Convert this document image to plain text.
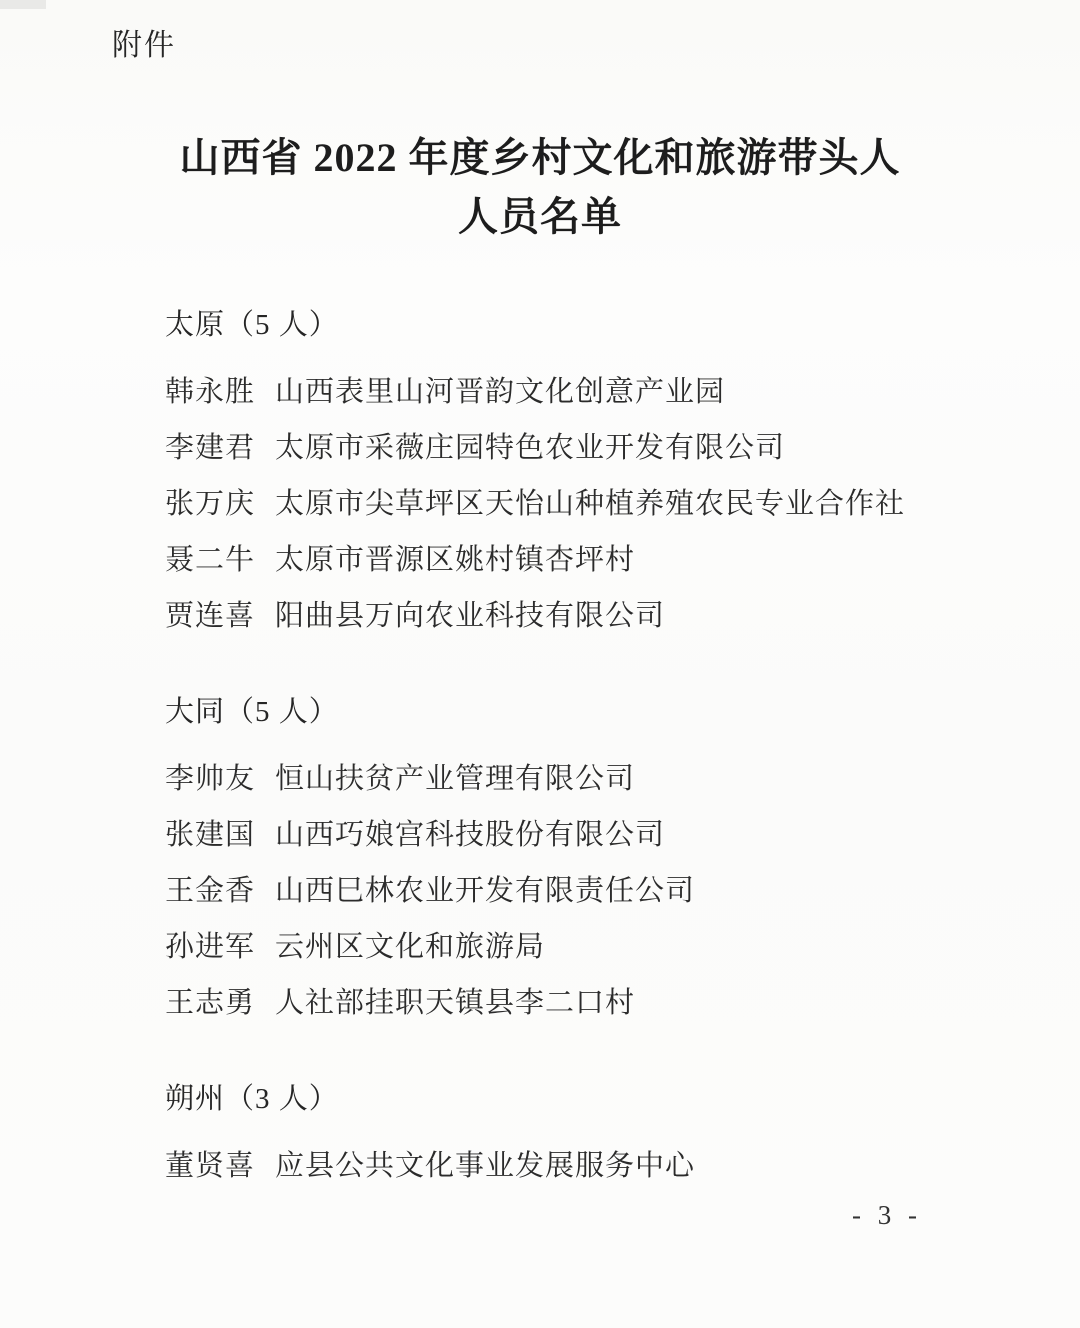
附件
山西省 2022 年度乡村文化和旅游带头人
人员名单
太原（5 人）
韩永胜 山西表里山河晋韵文化创意产业园
李建君 太原市采薇庄园特色农业开发有限公司
张万庆 太原市尖草坪区天怡山种植养殖农民专业合作社
聂二牛 太原市晋源区姚村镇杏坪村
贾连喜 阳曲县万向农业科技有限公司
大同（5 人）
李帅友 恒山扶贫产业管理有限公司
张建国 山西巧娘宫科技股份有限公司
王金香 山西巳林农业开发有限责任公司
孙进军 云州区文化和旅游局
王志勇 人社部挂职天镇县李二口村
朔州（3 人）
董贤喜 应县公共文化事业发展服务中心
- 3 -
